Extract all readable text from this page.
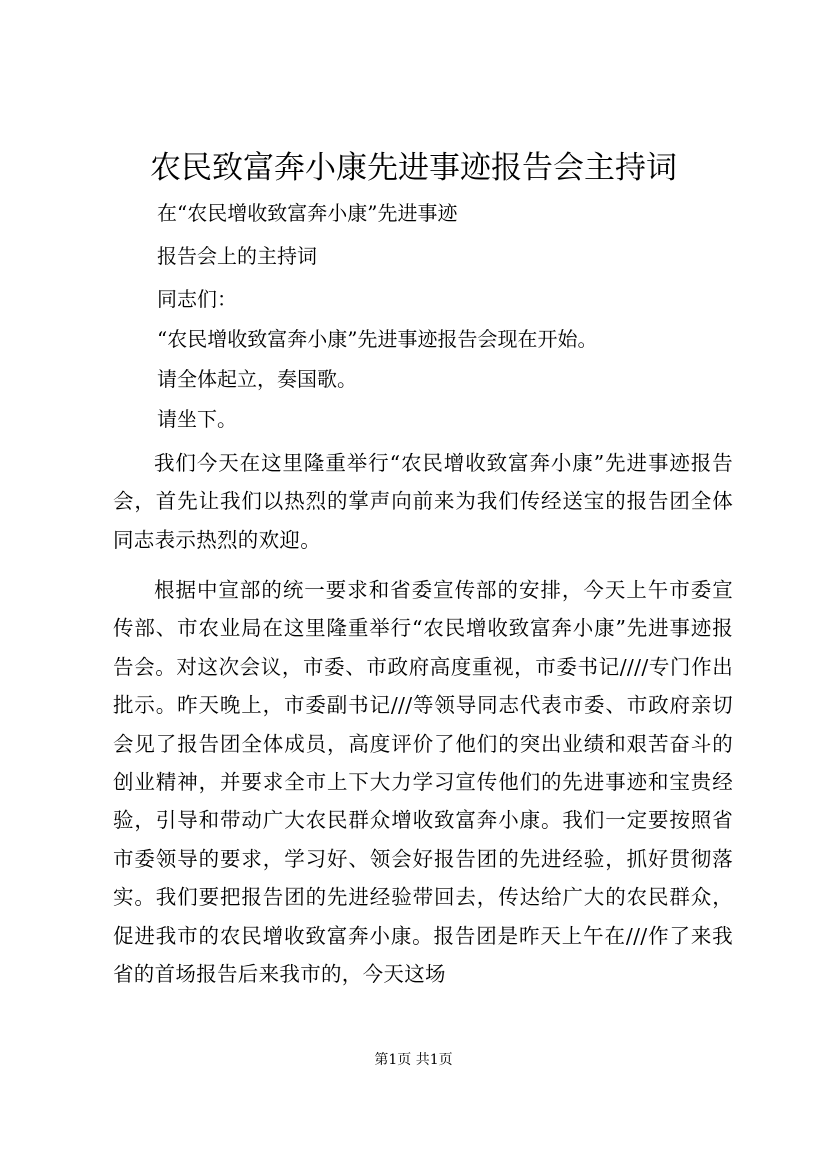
农民致富奔小康先进事迹报告会主持词
在“农民增收致富奔小康”先进事迹
报告会上的主持词
同志们：
“农民增收致富奔小康”先进事迹报告会现在开始。
请全体起立，奏国歌。
请坐下。
我们今天在这里隆重举行“农民增收致富奔小康”先进事迹报告会，首先让我们以热烈的掌声向前来为我们传经送宝的报告团全体同志表示热烈的欢迎。
根据中宣部的统一要求和省委宣传部的安排，今天上午市委宣传部、市农业局在这里隆重举行“农民增收致富奔小康”先进事迹报告会。对这次会议，市委、市政府高度重视，市委书记////专门作出批示。昨天晚上，市委副书记///等领导同志代表市委、市政府亲切会见了报告团全体成员，高度评价了他们的突出业绩和艰苦奋斗的创业精神，并要求全市上下大力学习宣传他们的先进事迹和宝贵经验，引导和带动广大农民群众增收致富奔小康。我们一定要按照省市委领导的要求，学习好、领会好报告团的先进经验，抓好贯彻落实。我们要把报告团的先进经验带回去，传达给广大的农民群众，促进我市的农民增收致富奔小康。报告团是昨天上午在///作了来我省的首场报告后来我市的，今天这场
第1页 共1页
